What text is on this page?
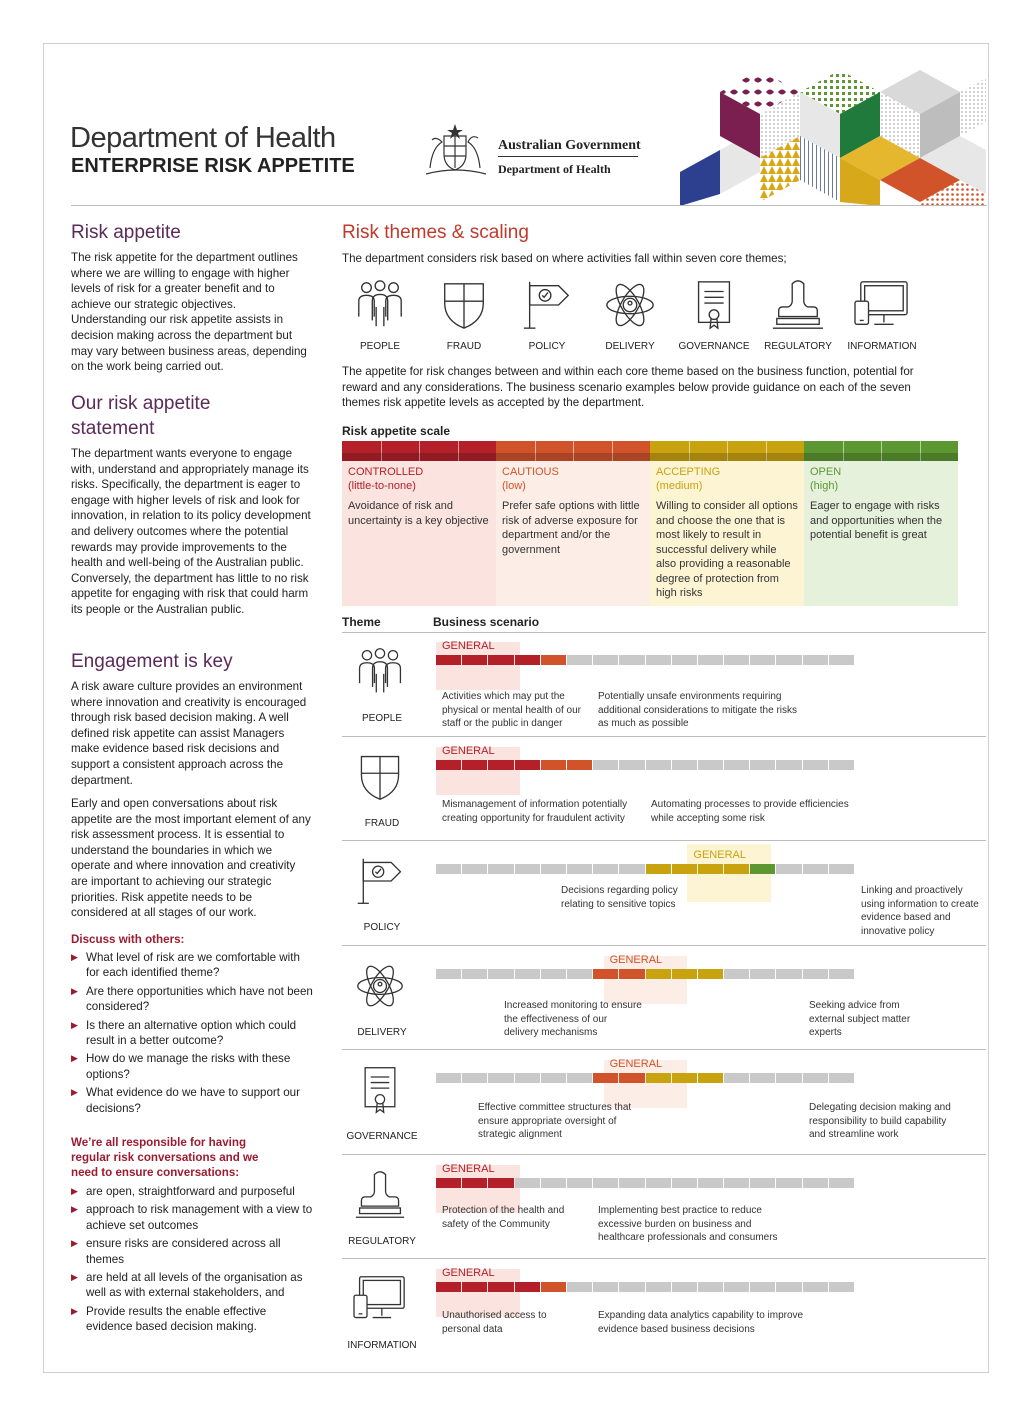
Department of Health
ENTERPRISE RISK APPETITE
Australian Government
Department of Health
Risk appetite
The risk appetite for the department outlines where we are willing to engage with higher levels of risk for a greater benefit and to achieve our strategic objectives. Understanding our risk appetite assists in decision making across the department but may vary between business areas, depending on the work being carried out.
Our risk appetite
statement
The department wants everyone to engage with, understand and appropriately manage its risks. Specifically, the department is eager to engage with higher levels of risk and look for innovation, in relation to its policy development and delivery outcomes where the potential rewards may provide improvements to the health and well-being of the Australian public. Conversely, the department has little to no risk appetite for engaging with risk that could harm its people or the Australian public.
Engagement is key
A risk aware culture provides an environment where innovation and creativity is encouraged through risk based decision making. A well defined risk appetite can assist Managers make evidence based risk decisions and support a consistent approach across the department.
Early and open conversations about risk appetite are the most important element of any risk assessment process. It is essential to understand the boundaries in which we operate and where innovation and creativity are important to achieving our strategic priorities. Risk appetite needs to be considered at all stages of our work.
Discuss with others:
▶ What level of risk are we comfortable with for each identified theme?
▶ Are there opportunities which have not been considered?
▶ Is there an alternative option which could result in a better outcome?
▶ How do we manage the risks with these options?
▶ What evidence do we have to support our decisions?
We’re all responsible for having regular risk conversations and we need to ensure conversations:
▶ are open, straightforward and purposeful
▶ approach to risk management with a view to achieve set outcomes
▶ ensure risks are considered across all themes
▶ are held at all levels of the organisation as well as with external stakeholders, and
▶ Provide results the enable effective evidence based decision making.
Risk themes & scaling
The department considers risk based on where activities fall within seven core themes;
PEOPLE	FRAUD	POLICY	DELIVERY	GOVERNANCE	REGULATORY	INFORMATION
The appetite for risk changes between and within each core theme based on the business function, potential for reward and any considerations. The business scenario examples below provide guidance on each of the seven themes risk appetite levels as accepted by the department.
Risk appetite scale
CONTROLLED
(little-to-none)
Avoidance of risk and uncertainty is a key objective
CAUTIOUS
(low)
Prefer safe options with little risk of adverse exposure for department and/or the government
ACCEPTING
(medium)
Willing to consider all options and choose the one that is most likely to result in successful delivery while also providing a reasonable degree of protection from high risks
OPEN
(high)
Eager to engage with risks and opportunities when the potential benefit is great
Theme	Business scenario
GENERAL
PEOPLE
Activities which may put the physical or mental health of our staff or the public in danger
Potentially unsafe environments requiring additional considerations to mitigate the risks as much as possible
GENERAL
FRAUD
Mismanagement of information potentially creating opportunity for fraudulent activity
Automating processes to provide efficiencies while accepting some risk
GENERAL
POLICY
Decisions regarding policy relating to sensitive topics
Linking and proactively using information to create evidence based and innovative policy
GENERAL
DELIVERY
Increased monitoring to ensure the effectiveness of our delivery mechanisms
Seeking advice from external subject matter experts
GENERAL
GOVERNANCE
Effective committee structures that ensure appropriate oversight of strategic alignment
Delegating decision making and responsibility to build capability and streamline work
GENERAL
REGULATORY
Protection of the health and safety of the Community
Implementing best practice to reduce excessive burden on business and healthcare professionals and consumers
GENERAL
INFORMATION
Unauthorised access to personal data
Expanding data analytics capability to improve evidence based business decisions
